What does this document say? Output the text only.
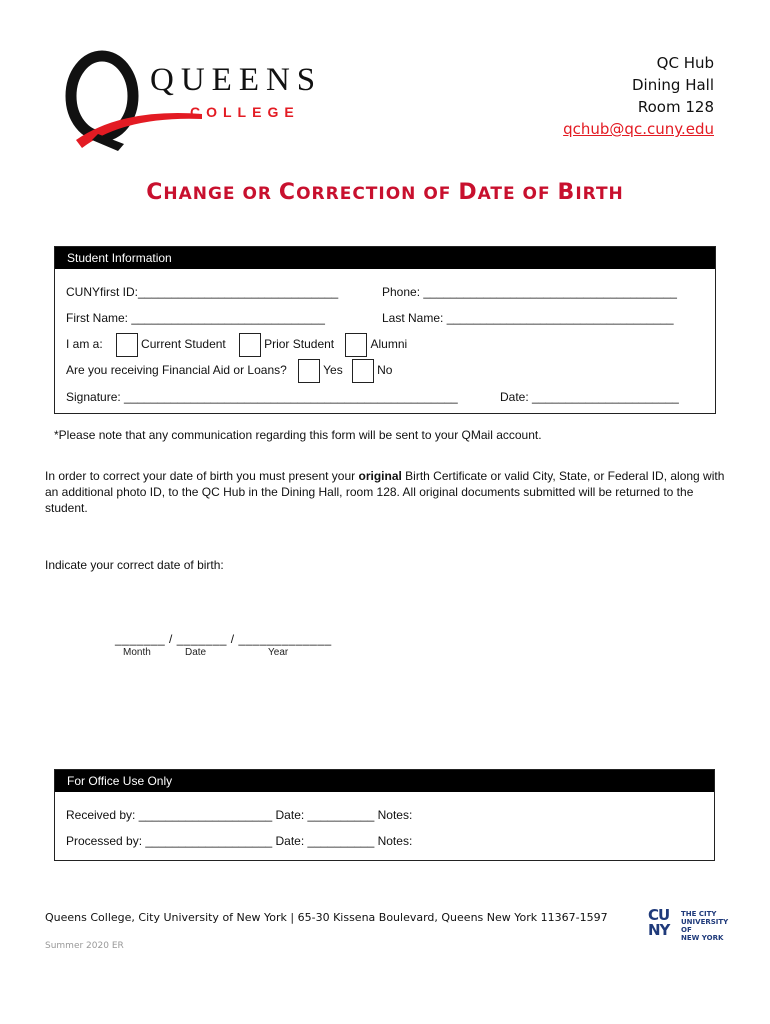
QUEENS
COLLEGE
QC Hub
Dining Hall
Room 128
qchub@qc.cuny.edu
CHANGE OR CORRECTION OF DATE OF BIRTH
Student Information
CUNYfirst ID:______________________________	Phone: ______________________________________
First Name: _____________________________	Last Name: __________________________________
I am a:	Current Student	Prior Student	Alumni
Are you receiving Financial Aid or Loans?	Yes	No
Signature: __________________________________________________	Date: ______________________
*Please note that any communication regarding this form will be sent to your QMail account.
In order to correct your date of birth you must present your original Birth Certificate or valid City, State, or Federal ID, along with an additional photo ID, to the QC Hub in the Dining Hall, room 128. All original documents submitted will be returned to the student.
Indicate your correct date of birth:
_______ / _______ / _____________
Month	Date	Year
For Office Use Only
Received by: ____________________ Date: __________ Notes:
Processed by: ___________________ Date: __________ Notes:
Queens College, City University of New York | 65-30 Kissena Boulevard, Queens New York 11367-1597
Summer 2020 ER
CU
NY
THE CITY
UNIVERSITY
OF
NEW YORK
